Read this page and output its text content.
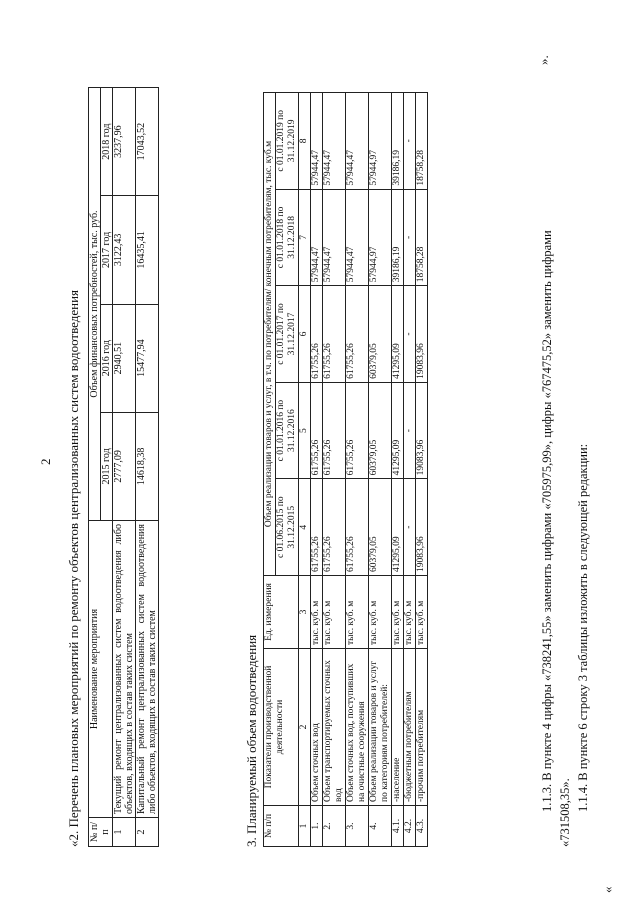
2 «2. Перечень плановых мероприятий по ремонту объектов централизованных систем водоотведения № п/п	Наименование мероприятия	Объем финансовых потребностей, тыс. руб.			
		2015 год	2016 год	2017 год	2018 год
1	Текущий ремонт централизованных систем водоотведения либо объектов, входящих в состав таких систем	2777,09	2940,51	3122,43	3237,96
2	Капитальный ремонт централизованных систем водоотведения либо объектов, входящих в состав таких систем	14618,38	15477,94	16435,41	17043,52
3. Планируемый объем водоотведения № п/п	Показатели производственной деятельности	Ед. измерения	Объем реализации товаров и услуг, в т.ч. по потребителям/ конечным потребителям, тыс. куб.м				
			с 01.06.2015 по 31.12.2015	с 01.01.2016 по 31.12.2016	с 01.01.2017 по 31.12.2017	с 01.01.2018 по 31.12.2018	с 01.01.2019 по 31.12.2019
1	2	3	4	5	6	7	8
1.	Объем сточных вод	тыс. куб. м	61755,26	61755,26	61755,26	57944,47	57944,47
2.	Объем транспортируемых сточных вод	тыс. куб. м	61755,26	61755,26	61755,26	57944,47	57944,47
3.	Объем сточных вод, поступивших на очистные сооружения	тыс. куб. м	61755,26	61755,26	61755,26	57944,47	57944,47
4.	Объем реализации товаров и услуг по категориям потребителей:	тыс. куб. м	60379,05	60379,05	60379,05	57944,97	57944,97
4.1.	-население	тыс. куб. м	41295,09	41295,09	41295,09	39186,19	39186,19
4.2.	-бюджетным потребителям	тыс. куб. м	-	-	-	-	-
4.3.	-прочим потребителям	тыс. куб. м	19083,96	19083,96	19083,96	18758,28	18758,28
».
1.1.3. В пункте 4 цифры «738241,55» заменить цифрами «705975,99», цифры «767475,52» заменить цифрами
«731508,35».
1.1.4. В пункте 6 строку 3 таблицы изложить в следующей редакции:
«
